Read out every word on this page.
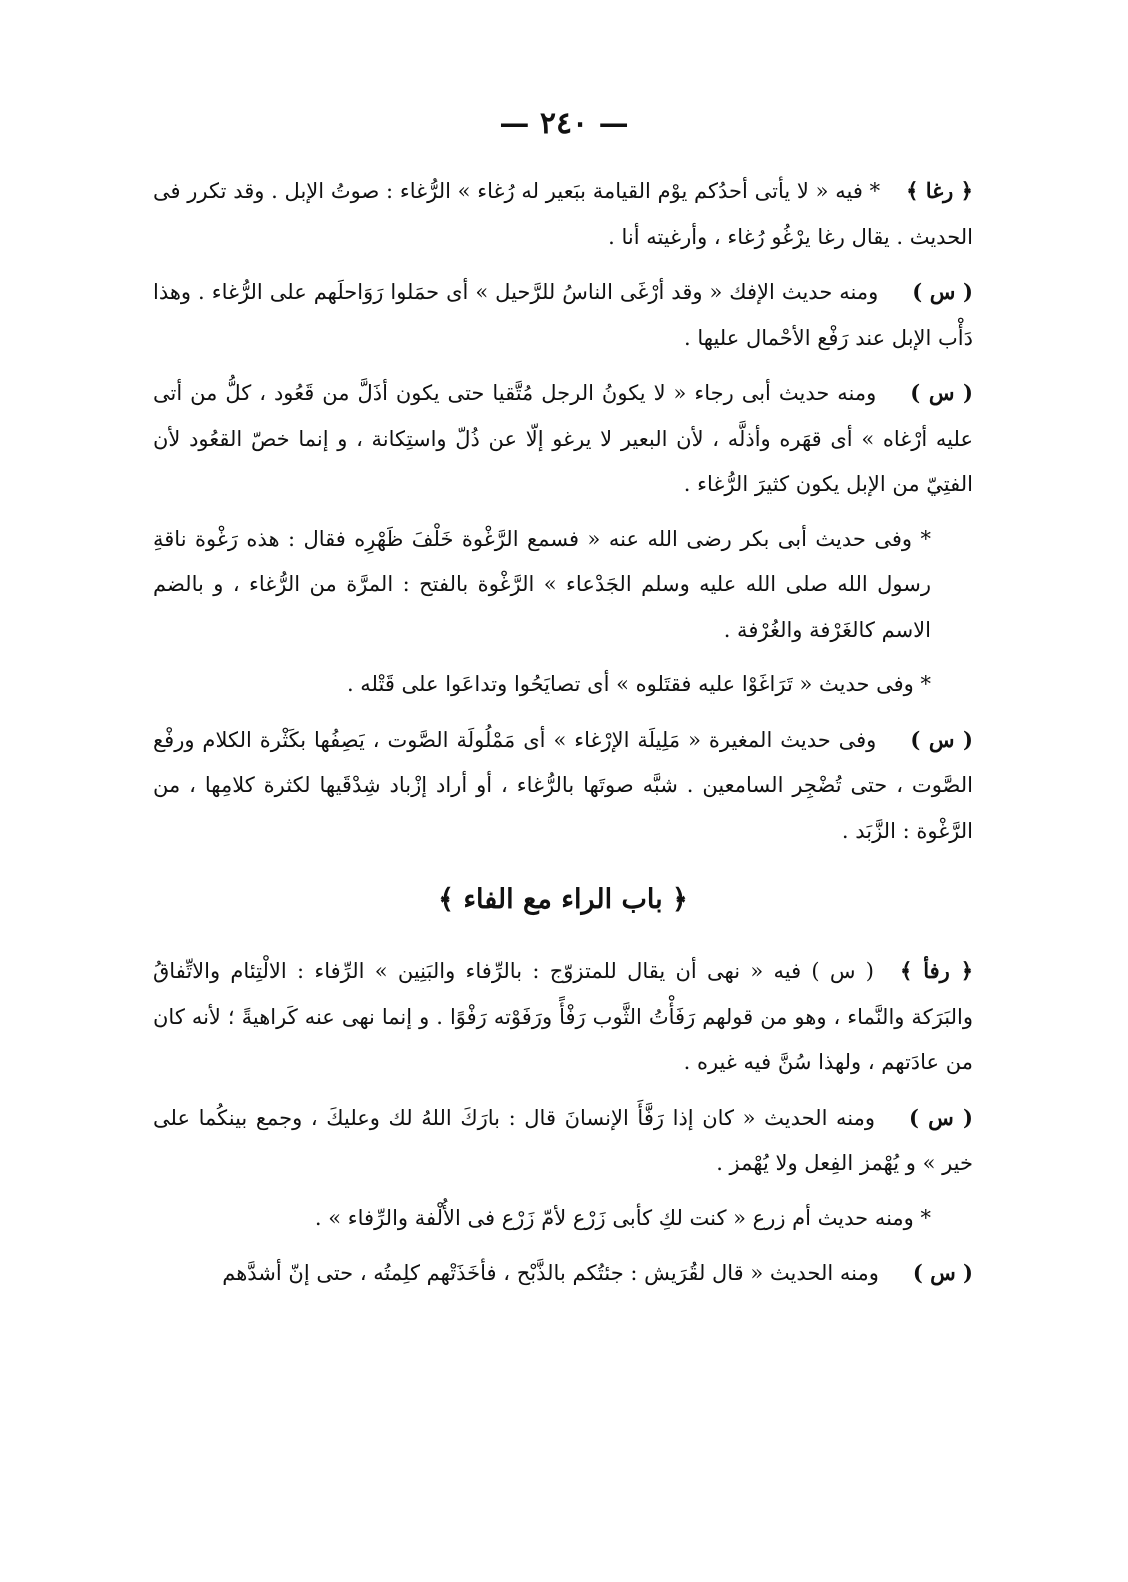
— ٢٤٠ —

﴿ رغا ﴾* فيه « لا يأتى أحدُكم يوْم القيامة ببَعير له رُغاء » الرُّغاء : صوتُ الإبل . وقد تكرر فى الحديث . يقال رغا يرْغُو رُغاء ، وأرغيته أنا .

( س )ومنه حديث الإفك « وقد أرْغَى الناسُ للرَّحيل » أى حمَلوا رَوَاحلَهم على الرُّغاء . وهذا دَأْب الإبل عند رَفْع الأحْمال عليها .

( س )ومنه حديث أبى رجاء « لا يكونُ الرجل مُتَّقيا حتى يكون أذَلَّ من قَعُود ، كلُّ من أتى عليه أرْغاه » أى قهَره وأذلَّه ، لأن البعير لا يرغو إلّا عن ذُلّ واستِكانة ، و إنما خصّ القعُود لأن الفتِيّ من الإبل يكون كثيرَ الرُّغاء .

* وفى حديث أبى بكر رضى الله عنه « فسمع الرَّغْوة خَلْفَ ظَهْرِه فقال : هذه رَغْوة ناقةِ رسول الله صلى الله عليه وسلم الجَدْعاء » الرَّغْوة بالفتح : المرَّة من الرُّغاء ، و بالضم الاسم كالغَرْفة والغُرْفة .

* وفى حديث « تَرَاغَوْا عليه فقتَلوه » أى تصايَحُوا وتداعَوا على قَتْله .

( س )وفى حديث المغيرة « مَلِيلَة الإرْغاء » أى مَمْلُولَة الصَّوت ، يَصِفُها بكَثْرة الكلام ورفْع الصَّوت ، حتى تُضْجِر السامعين . شبَّه صوتَها بالرُّغاء ، أو أراد إزْباد شِدْقَيها لكثرة كلامِها ، من الرَّغْوة : الزَّبَد .

﴿ باب الراء مع الفاء ﴾

﴿ رفأ ﴾( س ) فيه « نهى أن يقال للمتزوّج : بالرِّفاء والبَنِين » الرِّفاء : الالْتِئام والاتِّفاقُ والبَرَكة والنَّماء ، وهو من قولهم رَفَأْتُ الثَّوب رَفْأً ورَفَوْته رَفْوًا . و إنما نهى عنه كَراهيةً ؛ لأنه كان من عادَتهم ، ولهذا سُنَّ فيه غيره .

( س )ومنه الحديث « كان إذا رَفَّأَ الإنسانَ قال : بارَكَ اللهُ لك وعليكَ ، وجمع بينكُما على خير » و يُهْمز الفِعل ولا يُهْمز .

* ومنه حديث أم زرع « كنت لكِ كأبى زَرْع لأمّ زَرْع فى الأُلْفة والرِّفاء » .

( س )ومنه الحديث « قال لقُرَيش : جئتُكم بالذَّبْح ، فأخَذَتْهم كلِمتُه ، حتى إنّ أشدَّهم
